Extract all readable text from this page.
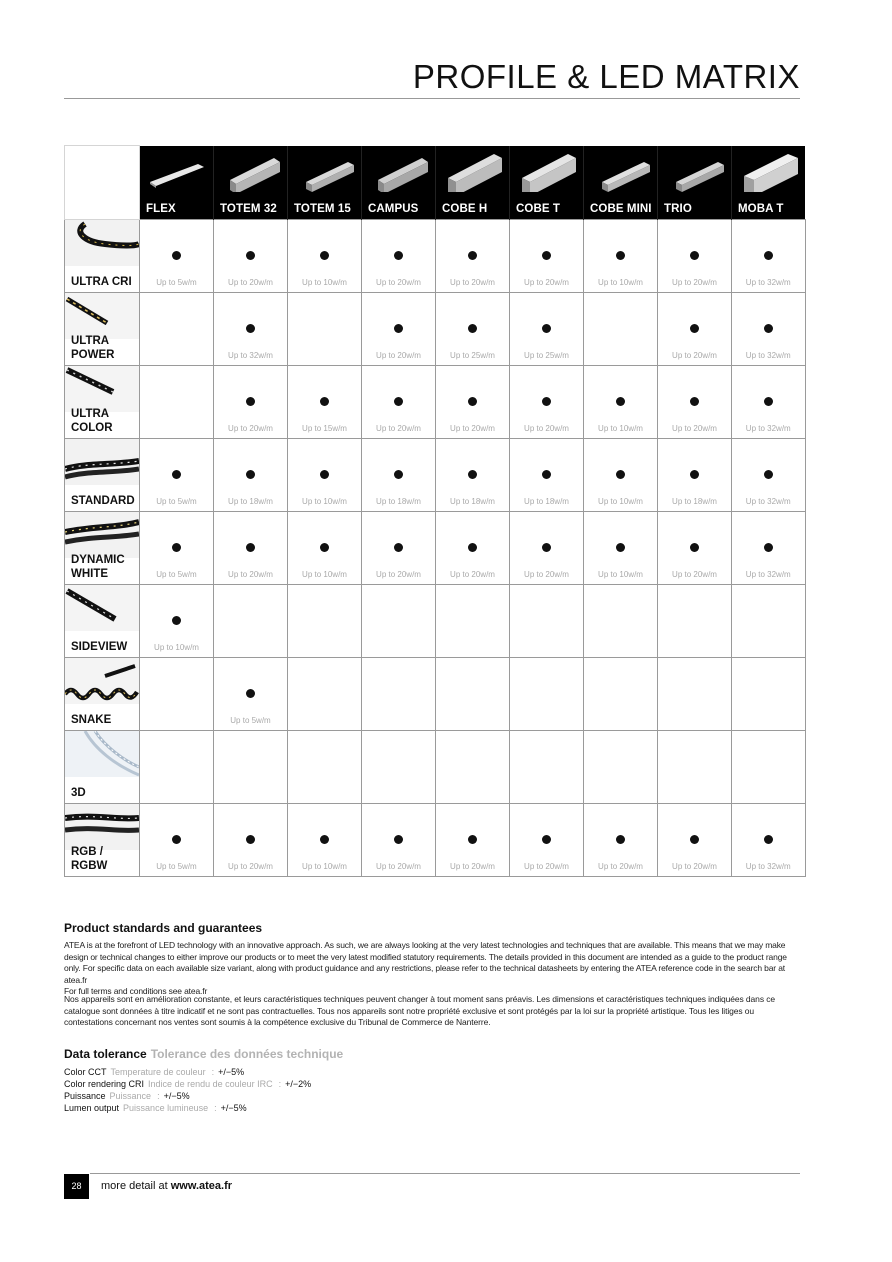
PROFILE & LED MATRIX

	FLEX	TOTEM 32	TOTEM 15	CAMPUS	COBE H	COBE T	COBE MINI	TRIO	MOBA T

ULTRA CRI	Up to 5w/m	Up to 20w/m	Up to 10w/m	Up to 20w/m	Up to 20w/m	Up to 20w/m	Up to 10w/m	Up to 20w/m	Up to 32w/m

ULTRA
POWER		Up to 32w/m		Up to 20w/m	Up to 25w/m	Up to 25w/m		Up to 20w/m	Up to 32w/m

ULTRA
COLOR		Up to 20w/m	Up to 15w/m	Up to 20w/m	Up to 20w/m	Up to 20w/m	Up to 10w/m	Up to 20w/m	Up to 32w/m

STANDARD	Up to 5w/m	Up to 18w/m	Up to 10w/m	Up to 18w/m	Up to 18w/m	Up to 18w/m	Up to 10w/m	Up to 18w/m	Up to 32w/m

DYNAMIC
WHITE	Up to 5w/m	Up to 20w/m	Up to 10w/m	Up to 20w/m	Up to 20w/m	Up to 20w/m	Up to 10w/m	Up to 20w/m	Up to 32w/m

SIDEVIEW	Up to 10w/m								

SNAKE		Up to 5w/m							

3D									

RGB /
RGBW	Up to 5w/m	Up to 20w/m	Up to 10w/m	Up to 20w/m	Up to 20w/m	Up to 20w/m	Up to 20w/m	Up to 20w/m	Up to 32w/m
Product standards and guarantees
ATEA is at the forefront of LED technology with an innovative approach. As such, we are always looking at the very latest technologies and techniques that are available. This means that we may make design or technical changes to either improve our products or to meet the very latest modified statutory requirements. The details provided in this document are intended as a guide to the product range only. For specific data on each available size variant, along with product guidance and any restrictions, please refer to the technical datasheets by entering the ATEA reference code in the search bar at atea.fr
For full terms and conditions see atea.fr
Nos appareils sont en amélioration constante, et leurs caractéristiques techniques peuvent changer à tout moment sans préavis. Les dimensions et caractéristiques techniques indiquées dans ce catalogue sont données à titre indicatif et ne sont pas contractuelles. Tous nos appareils sont notre propriété exclusive et sont protégés par la loi sur la propriété artistique. Tous les litiges ou contestations concernant nos ventes sont soumis à la compétence exclusive du Tribunal de Commerce de Nanterre.
Data tolerance Tolerance des données technique
Color CCT Temperature de couleur : +/−5%
Color rendering CRI Indice de rendu de couleur IRC : +/−2%
Puissance Puissance : +/−5%
Lumen output Puissance lumineuse : +/−5%
28	more detail at www.atea.fr
